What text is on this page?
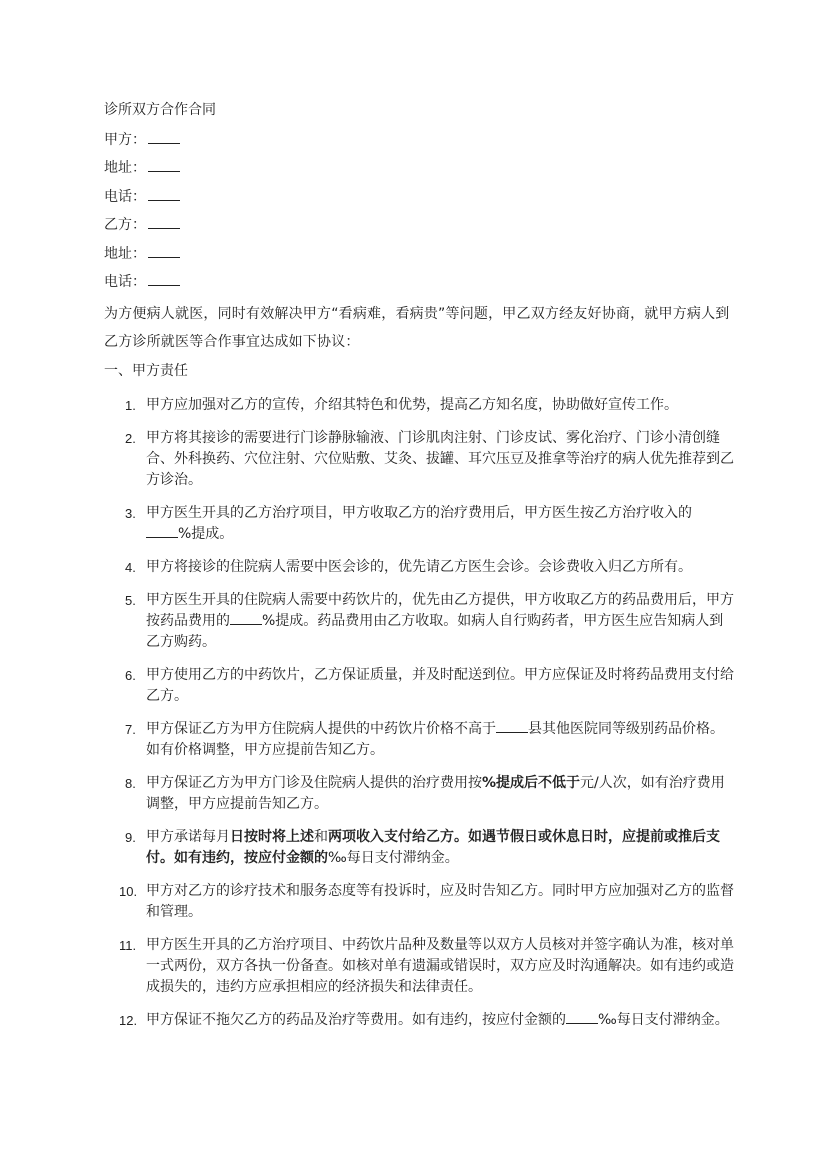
诊所双方合作合同
甲方：
地址：
电话：
乙方：
地址：
电话：

为方便病人就医，同时有效解决甲方“看病难，看病贵”等问题，甲乙双方经友好协商，就甲方病人到乙方诊所就医等合作事宜达成如下协议：

一、甲方责任
1. 甲方应加强对乙方的宣传，介绍其特色和优势，提高乙方知名度，协助做好宣传工作。
2. 甲方将其接诊的需要进行门诊静脉输液、门诊肌肉注射、门诊皮试、雾化治疗、门诊小清创缝合、外科换药、穴位注射、穴位贴敷、艾灸、拔罐、耳穴压豆及推拿等治疗的病人优先推荐到乙方诊治。
3. 甲方医生开具的乙方治疗项目，甲方收取乙方的治疗费用后，甲方医生按乙方治疗收入的
%提成。
4. 甲方将接诊的住院病人需要中医会诊的，优先请乙方医生会诊。会诊费收入归乙方所有。
5. 甲方医生开具的住院病人需要中药饮片的，优先由乙方提供，甲方收取乙方的药品费用后，甲方按药品费用的 %提成。药品费用由乙方收取。如病人自行购药者，甲方医生应告知病人到乙方购药。
6. 甲方使用乙方的中药饮片，乙方保证质量，并及时配送到位。甲方应保证及时将药品费用支付给乙方。
7. 甲方保证乙方为甲方住院病人提供的中药饮片价格不高于 县其他医院同等级别药品价格。如有价格调整，甲方应提前告知乙方。
8. 甲方保证乙方为甲方门诊及住院病人提供的治疗费用按%提成后不低于元/人次，如有治疗费用调整，甲方应提前告知乙方。
9. 甲方承诺每月日按时将上述和两项收入支付给乙方。如遇节假日或休息日时，应提前或推后支付。如有违约，按应付金额的‰每日支付滞纳金。
10. 甲方对乙方的诊疗技术和服务态度等有投诉时，应及时告知乙方。同时甲方应加强对乙方的监督和管理。
11. 甲方医生开具的乙方治疗项目、中药饮片品种及数量等以双方人员核对并签字确认为准，核对单一式两份，双方各执一份备查。如核对单有遗漏或错误时，双方应及时沟通解决。如有违约或造成损失的，违约方应承担相应的经济损失和法律责任。
12. 甲方保证不拖欠乙方的药品及治疗等费用。如有违约，按应付金额的 ‰每日支付滞纳金。
